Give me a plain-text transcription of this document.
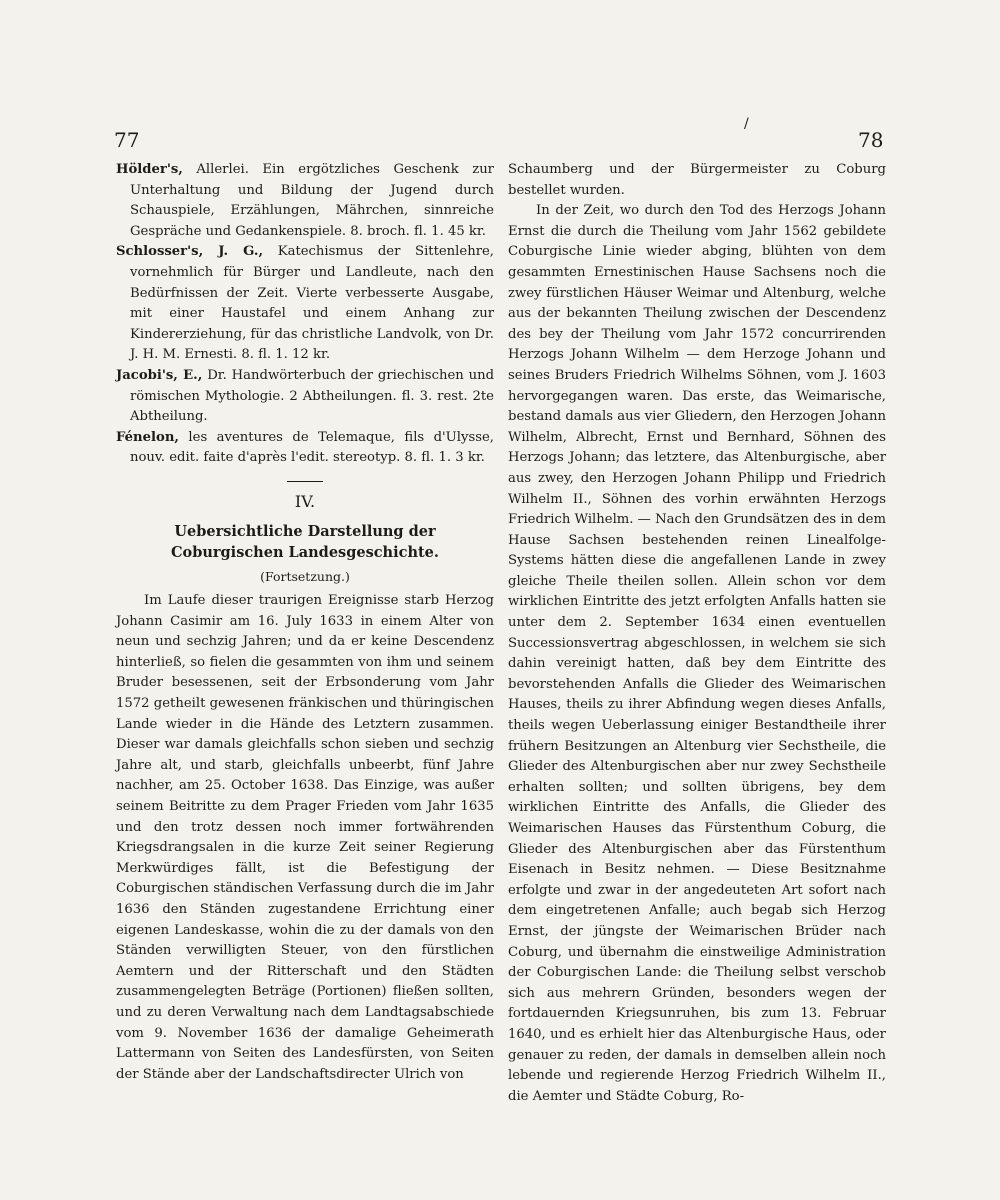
77	78
/

Hölder's, Allerlei. Ein ergötzliches Geschenk zur Unterhaltung und Bildung der Jugend durch Schauspiele, Erzählungen, Mährchen, sinnreiche Gespräche und Gedankenspiele. 8. broch. fl. 1. 45 kr.

Schlosser's, J. G., Katechismus der Sittenlehre, vornehmlich für Bürger und Landleute, nach den Bedürfnissen der Zeit. Vierte verbesserte Ausgabe, mit einer Haustafel und einem Anhang zur Kindererziehung, für das christliche Landvolk, von Dr. J. H. M. Ernesti. 8. fl. 1. 12 kr.

Jacobi's, E., Dr. Handwörterbuch der griechischen und römischen Mythologie. 2 Abtheilungen. fl. 3. rest. 2te Abtheilung.

Fénelon, les aventures de Telemaque, fils d'Ulysse, nouv. edit. faite d'après l'edit. stereotyp. 8. fl. 1. 3 kr.

IV.

Uebersichtliche Darstellung der Coburgischen Landesgeschichte.

(Fortsetzung.)

Im Laufe dieser traurigen Ereignisse starb Herzog Johann Casimir am 16. July 1633 in einem Alter von neun und sechzig Jahren; und da er keine Descendenz hinterließ, so fielen die gesammten von ihm und seinem Bruder besessenen, seit der Erbsonderung vom Jahr 1572 getheilt gewesenen fränkischen und thüringischen Lande wieder in die Hände des Letztern zusammen. Dieser war damals gleichfalls schon sieben und sechzig Jahre alt, und starb, gleichfalls unbeerbt, fünf Jahre nachher, am 25. October 1638. Das Einzige, was außer seinem Beitritte zu dem Prager Frieden vom Jahr 1635 und den trotz dessen noch immer fortwährenden Kriegsdrangsalen in die kurze Zeit seiner Regierung Merkwürdiges fällt, ist die Befestigung der Coburgischen ständischen Verfassung durch die im Jahr 1636 den Ständen zugestandene Errichtung einer eigenen Landeskasse, wohin die zu der damals von den Ständen verwilligten Steuer, von den fürstlichen Aemtern und der Ritterschaft und den Städten zusammengelegten Beträge (Portionen) fließen sollten, und zu deren Verwaltung nach dem Landtagsabschiede vom 9. November 1636 der damalige Geheimerath Lattermann von Seiten des Landesfürsten, von Seiten der Stände aber der Landschaftsdirecter Ulrich von

Schaumberg und der Bürgermeister zu Coburg bestellet wurden.

In der Zeit, wo durch den Tod des Herzogs Johann Ernst die durch die Theilung vom Jahr 1562 gebildete Coburgische Linie wieder abging, blühten von dem gesammten Ernestinischen Hause Sachsens noch die zwey fürstlichen Häuser Weimar und Altenburg, welche aus der bekannten Theilung zwischen der Descendenz des bey der Theilung vom Jahr 1572 concurrirenden Herzogs Johann Wilhelm — dem Herzoge Johann und seines Bruders Friedrich Wilhelms Söhnen, vom J. 1603 hervorgegangen waren. Das erste, das Weimarische, bestand damals aus vier Gliedern, den Herzogen Johann Wilhelm, Albrecht, Ernst und Bernhard, Söhnen des Herzogs Johann; das letztere, das Altenburgische, aber aus zwey, den Herzogen Johann Philipp und Friedrich Wilhelm II., Söhnen des vorhin erwähnten Herzogs Friedrich Wilhelm. — Nach den Grundsätzen des in dem Hause Sachsen bestehenden reinen Linealfolge-Systems hätten diese die angefallenen Lande in zwey gleiche Theile theilen sollen. Allein schon vor dem wirklichen Eintritte des jetzt erfolgten Anfalls hatten sie unter dem 2. September 1634 einen eventuellen Successionsvertrag abgeschlossen, in welchem sie sich dahin vereinigt hatten, daß bey dem Eintritte des bevorstehenden Anfalls die Glieder des Weimarischen Hauses, theils zu ihrer Abfindung wegen dieses Anfalls, theils wegen Ueberlassung einiger Bestandtheile ihrer frühern Besitzungen an Altenburg vier Sechstheile, die Glieder des Altenburgischen aber nur zwey Sechstheile erhalten sollten; und sollten übrigens, bey dem wirklichen Eintritte des Anfalls, die Glieder des Weimarischen Hauses das Fürstenthum Coburg, die Glieder des Altenburgischen aber das Fürstenthum Eisenach in Besitz nehmen. — Diese Besitznahme erfolgte und zwar in der angedeuteten Art sofort nach dem eingetretenen Anfalle; auch begab sich Herzog Ernst, der jüngste der Weimarischen Brüder nach Coburg, und übernahm die einstweilige Administration der Coburgischen Lande: die Theilung selbst verschob sich aus mehrern Gründen, besonders wegen der fortdauernden Kriegsunruhen, bis zum 13. Februar 1640, und es erhielt hier das Altenburgische Haus, oder genauer zu reden, der damals in demselben allein noch lebende und regierende Herzog Friedrich Wilhelm II., die Aemter und Städte Coburg, Ro-
